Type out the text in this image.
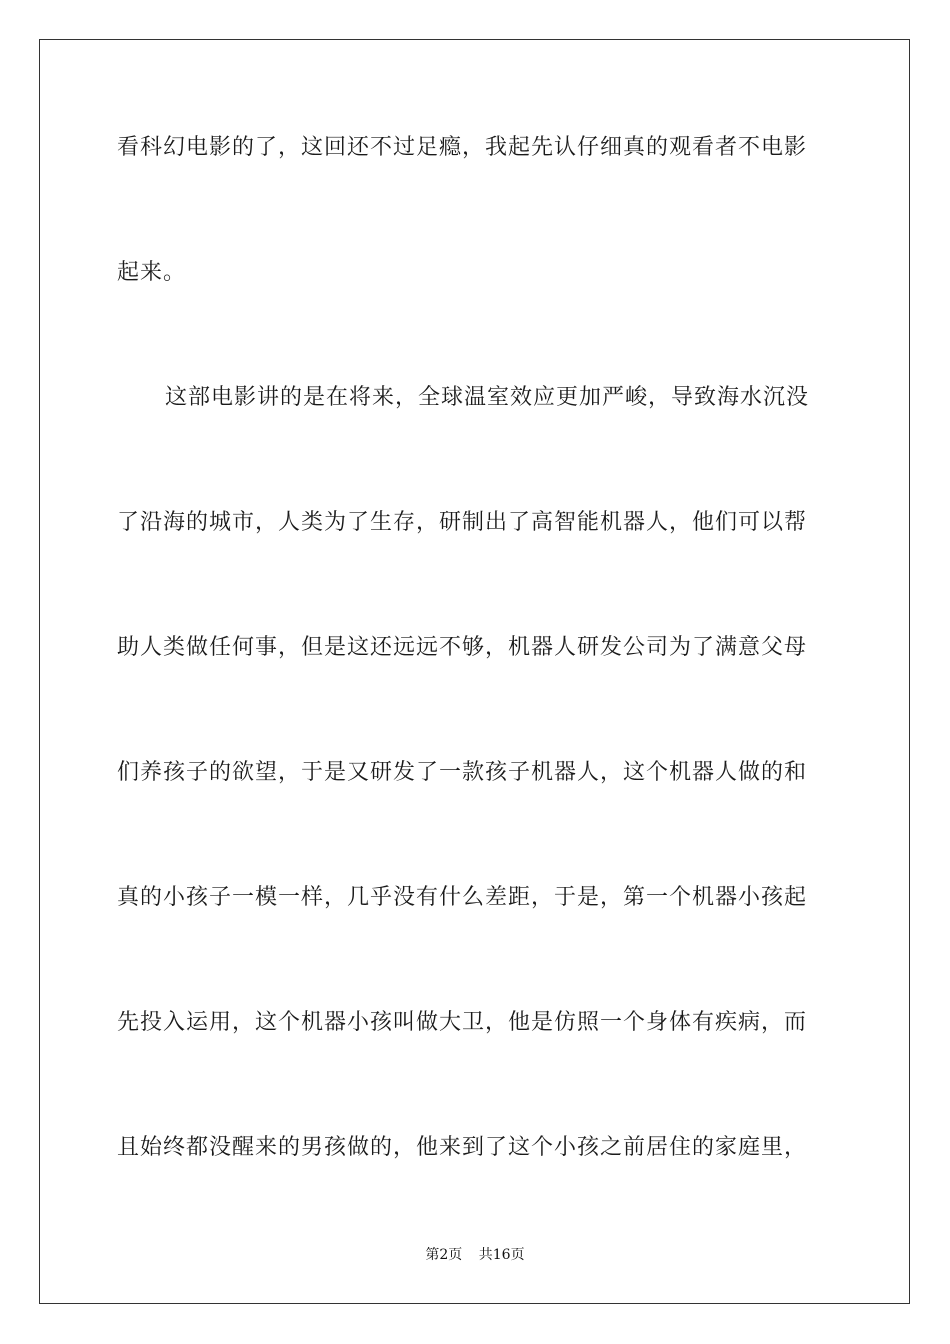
看科幻电影的了，这回还不过足瘾，我起先认仔细真的观看者不电影
起来。
这部电影讲的是在将来，全球温室效应更加严峻，导致海水沉没
了沿海的城市，人类为了生存，研制出了高智能机器人，他们可以帮
助人类做任何事，但是这还远远不够，机器人研发公司为了满意父母
们养孩子的欲望，于是又研发了一款孩子机器人，这个机器人做的和
真的小孩子一模一样，几乎没有什么差距，于是，第一个机器小孩起
先投入运用，这个机器小孩叫做大卫，他是仿照一个身体有疾病，而
且始终都没醒来的男孩做的，他来到了这个小孩之前居住的家庭里，
第2页 共16页
